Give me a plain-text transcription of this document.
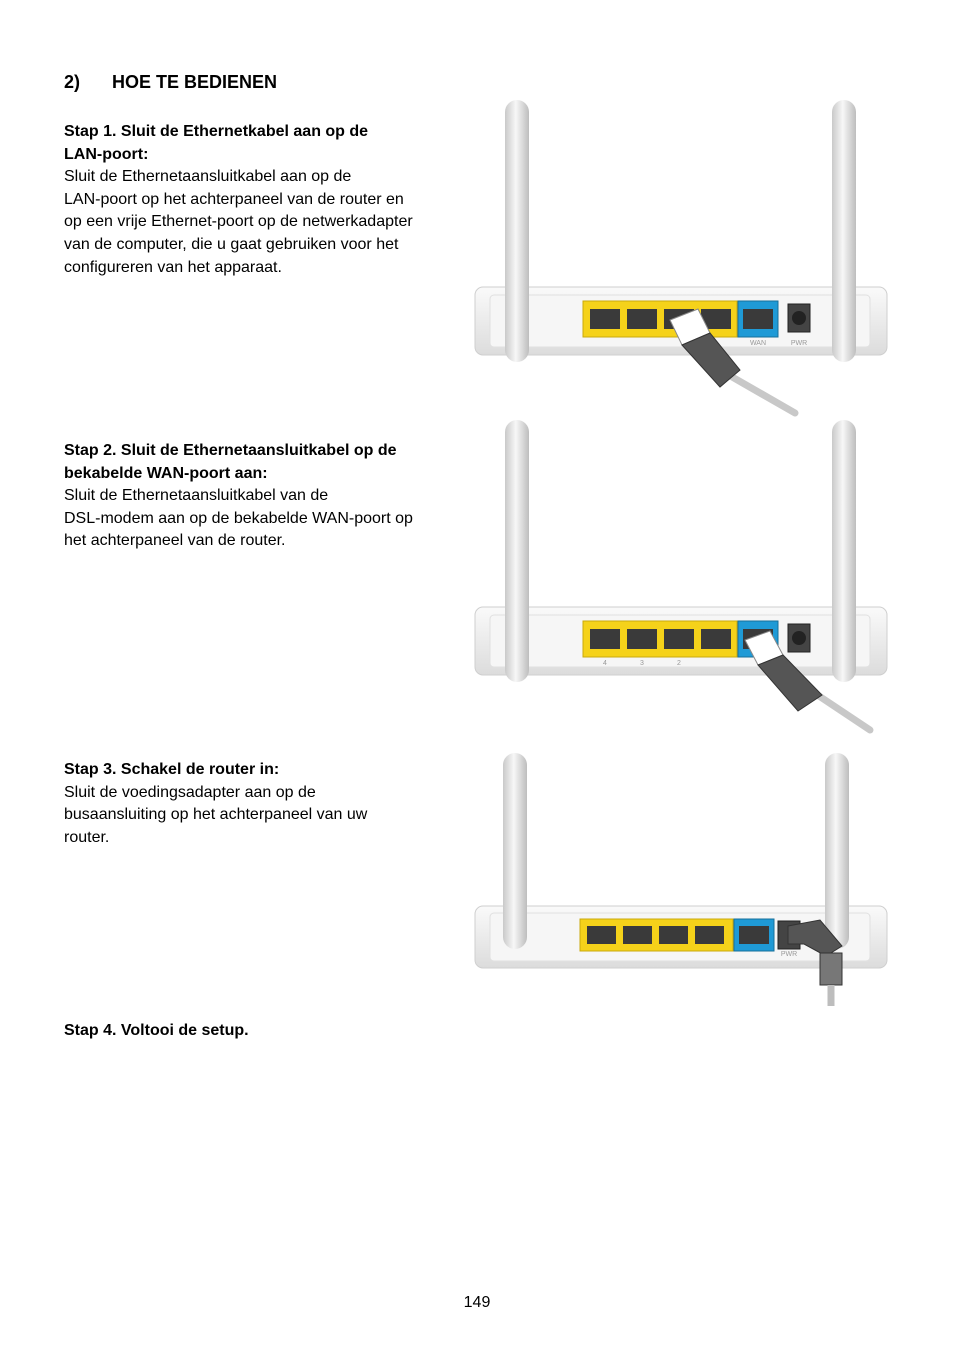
2) HOE TE BEDIENEN
Stap 1. Sluit de Ethernetkabel aan op de
LAN-poort:
Sluit de Ethernetaansluitkabel aan op de
LAN-poort op het achterpaneel van de router en
op een vrije Ethernet-poort op de netwerkadapter
van de computer, die u gaat gebruiken voor het
configureren van het apparaat.
Stap 2. Sluit de Ethernetaansluitkabel op de
bekabelde WAN-poort aan:
Sluit de Ethernetaansluitkabel van de
DSL-modem aan op de bekabelde WAN-poort op
het achterpaneel van de router.
Stap 3. Schakel de router in:
Sluit de voedingsadapter aan op de
busaansluiting op het achterpaneel van uw
router.
Stap 4. Voltooi de setup.
WAN	PWR
4	3	2
PWR
149
